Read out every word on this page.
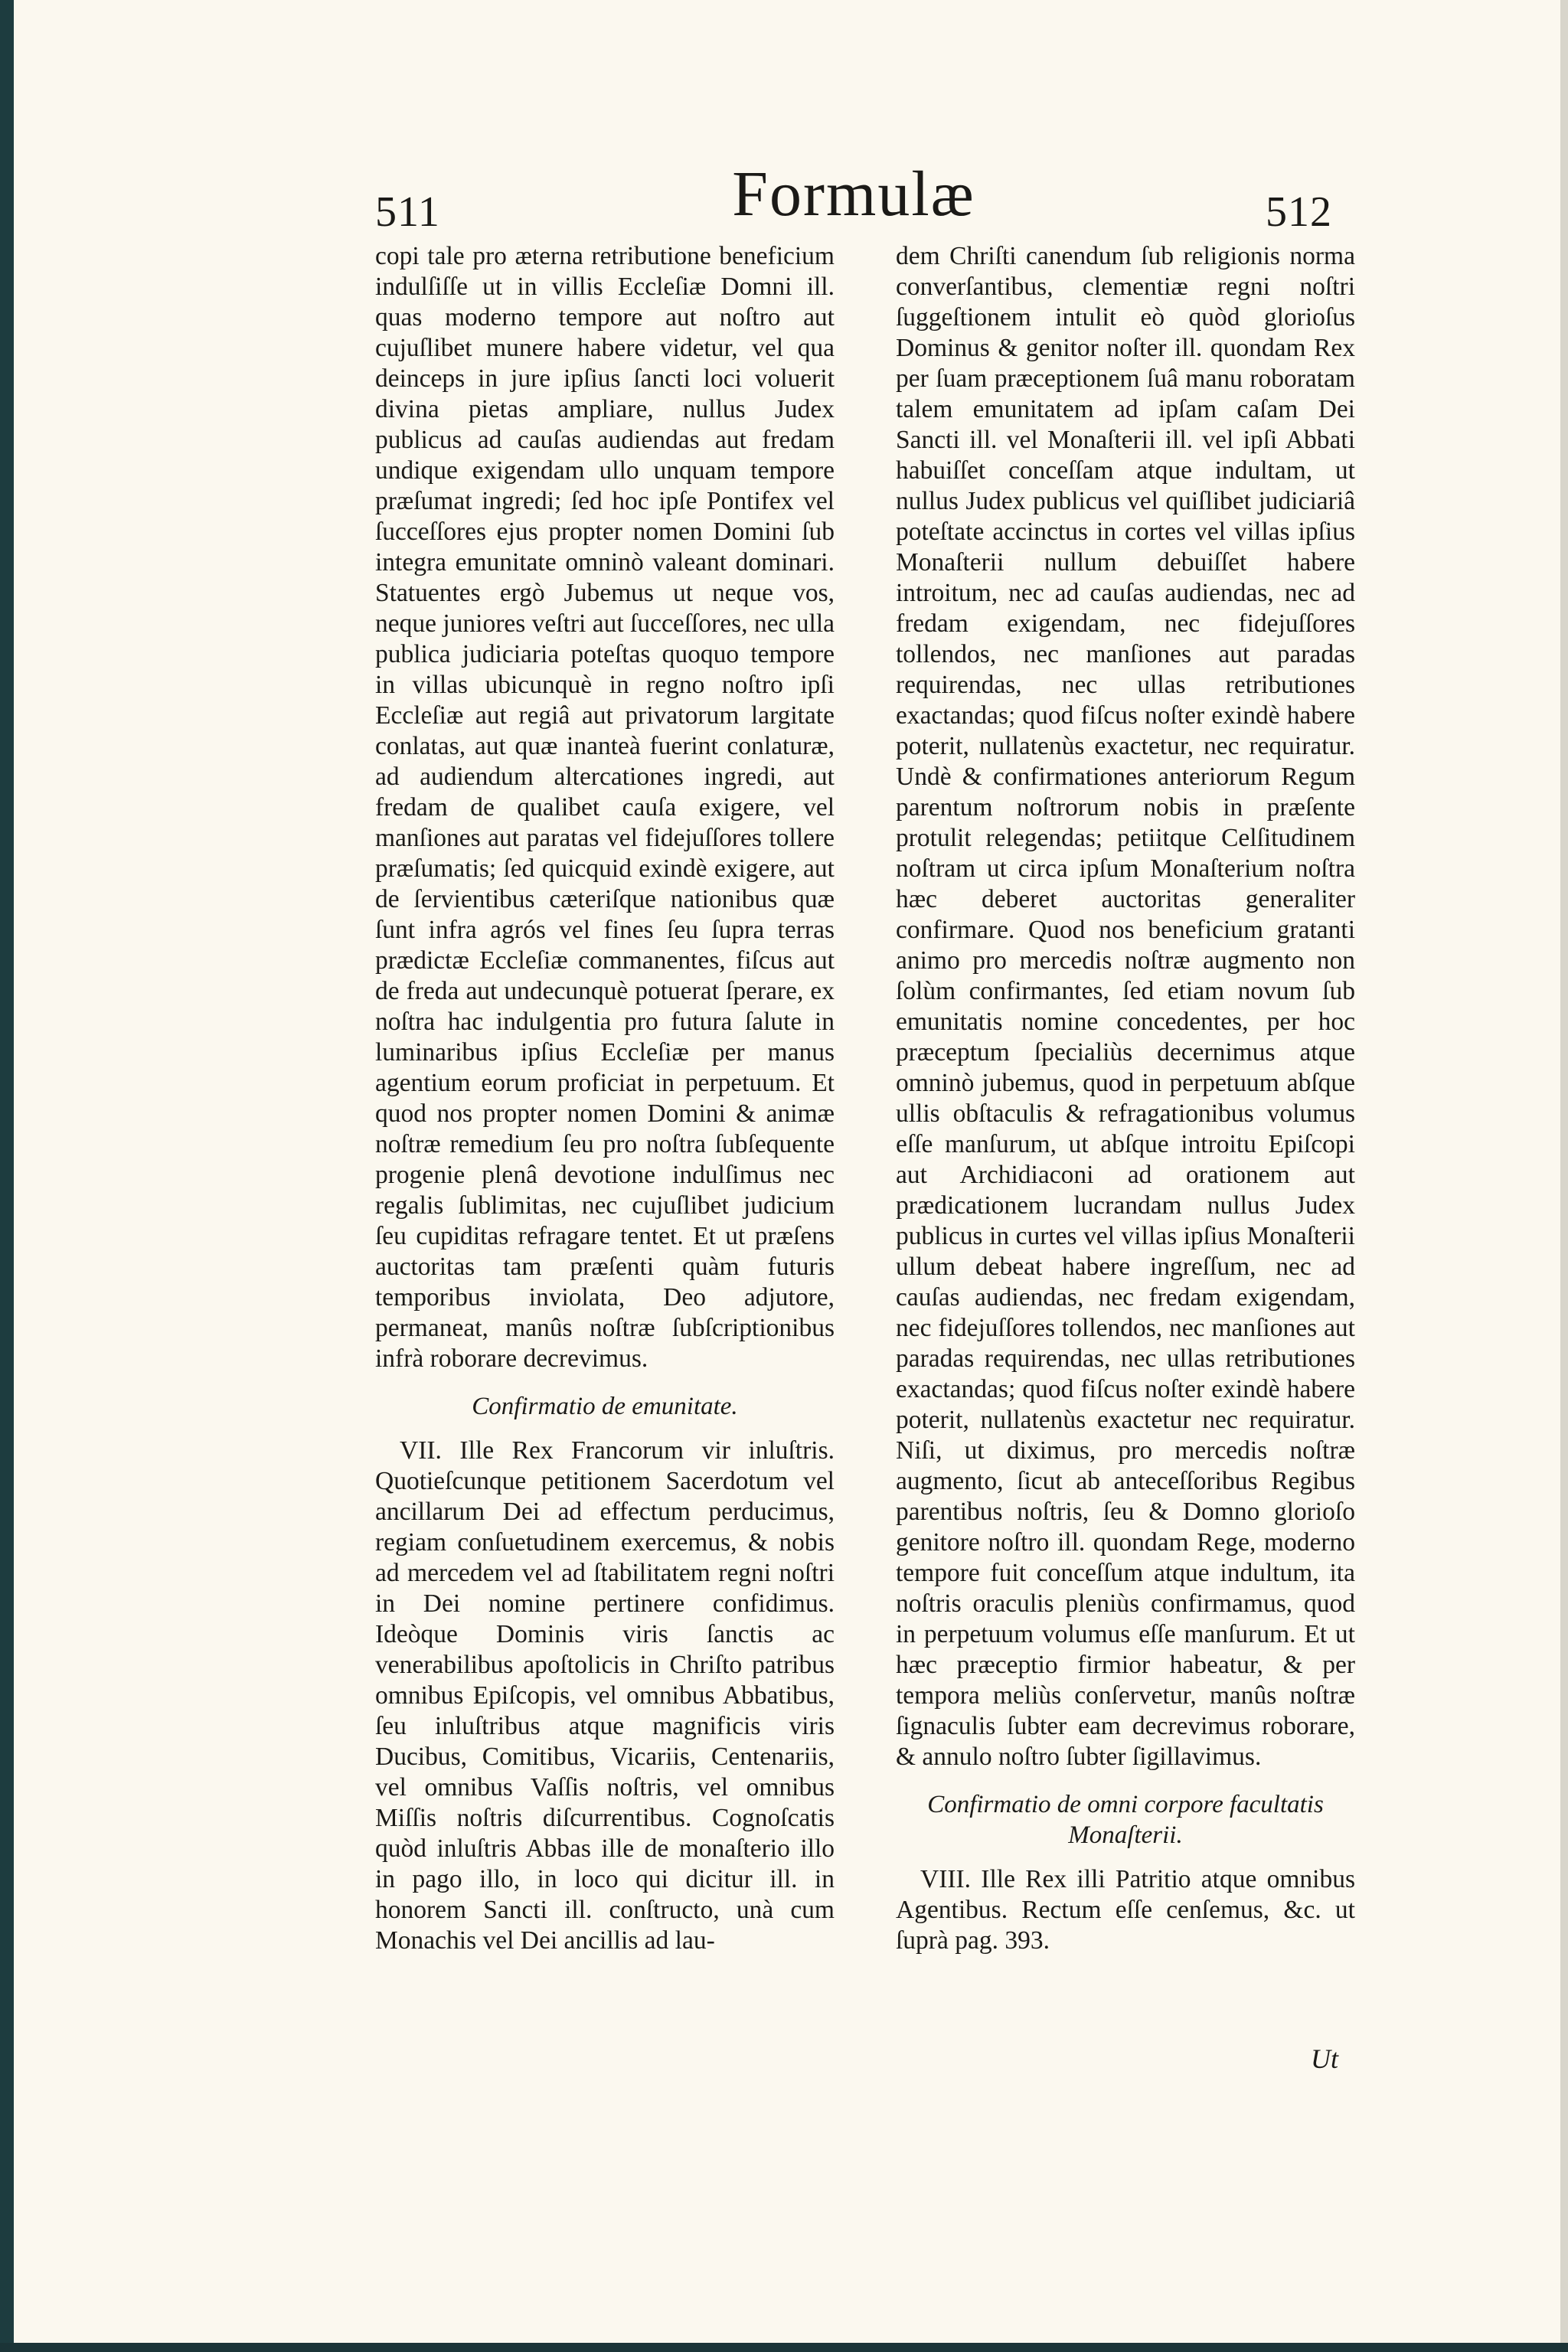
511	Formulæ	512

copi tale pro æterna retributione beneficium indulſiſſe ut in villis Eccleſiæ Domni ill. quas moderno tempore aut noſtro aut cujuſlibet munere habere videtur, vel qua deinceps in jure ipſius ſancti loci voluerit divina pietas ampliare, nullus Judex publicus ad cauſas audiendas aut fredam undique exigendam ullo unquam tempore præſumat ingredi; ſed hoc ipſe Pontifex vel ſucceſſores ejus propter nomen Domini ſub integra emunitate omninò valeant dominari. Statuentes ergò Jubemus ut neque vos, neque juniores veſtri aut ſucceſſores, nec ulla publica judiciaria poteſtas quoquo tempore in villas ubicunquè in regno noſtro ipſi Eccleſiæ aut regiâ aut privatorum largitate conlatas, aut quæ inanteà fuerint conlaturæ, ad audiendum altercationes ingredi, aut fredam de qualibet cauſa exigere, vel manſiones aut paratas vel fidejuſſores tollere præſumatis; ſed quicquid exindè exigere, aut de ſervientibus cæteriſque nationibus quæ ſunt infra agrós vel fines ſeu ſupra terras prædictæ Eccleſiæ commanentes, fiſcus aut de freda aut undecunquè potuerat ſperare, ex noſtra hac indulgentia pro futura ſalute in luminaribus ipſius Eccleſiæ per manus agentium eorum proficiat in perpetuum. Et quod nos propter nomen Domini & animæ noſtræ remedium ſeu pro noſtra ſubſequente progenie plenâ devotione indulſimus nec regalis ſublimitas, nec cujuſlibet judicium ſeu cupiditas refragare tentet. Et ut præſens auctoritas tam præſenti quàm futuris temporibus inviolata, Deo adjutore, permaneat, manûs noſtræ ſubſcriptionibus infrà roborare decrevimus.

Confirmatio de emunitate.

VII. Ille Rex Francorum vir inluſtris. Quotieſcunque petitionem Sacerdotum vel ancillarum Dei ad effectum perducimus, regiam conſuetudinem exercemus, & nobis ad mercedem vel ad ſtabilitatem regni noſtri in Dei nomine pertinere confidimus. Ideòque Dominis viris ſanctis ac venerabilibus apoſtolicis in Chriſto patribus omnibus Epiſcopis, vel omnibus Abbatibus, ſeu inluſtribus atque magnificis viris Ducibus, Comitibus, Vicariis, Centenariis, vel omnibus Vaſſis noſtris, vel omnibus Miſſis noſtris diſcurrentibus. Cognoſcatis quòd inluſtris Abbas ille de monaſterio illo in pago illo, in loco qui dicitur ill. in honorem Sancti ill. conſtructo, unà cum Monachis vel Dei ancillis ad lau-

dem Chriſti canendum ſub religionis norma converſantibus, clementiæ regni noſtri ſuggeſtionem intulit eò quòd glorioſus Dominus & genitor noſter ill. quondam Rex per ſuam præceptionem ſuâ manu roboratam talem emunitatem ad ipſam caſam Dei Sancti ill. vel Monaſterii ill. vel ipſi Abbati habuiſſet conceſſam atque indultam, ut nullus Judex publicus vel quiſlibet judiciariâ poteſtate accinctus in cortes vel villas ipſius Monaſterii nullum debuiſſet habere introitum, nec ad cauſas audiendas, nec ad fredam exigendam, nec fidejuſſores tollendos, nec manſiones aut paradas requirendas, nec ullas retributiones exactandas; quod fiſcus noſter exindè habere poterit, nullatenùs exactetur, nec requiratur. Undè & confirmationes anteriorum Regum parentum noſtrorum nobis in præſente protulit relegendas; petiitque Celſitudinem noſtram ut circa ipſum Monaſterium noſtra hæc deberet auctoritas generaliter confirmare. Quod nos beneficium gratanti animo pro mercedis noſtræ augmento non ſolùm confirmantes, ſed etiam novum ſub emunitatis nomine concedentes, per hoc præceptum ſpecialiùs decernimus atque omninò jubemus, quod in perpetuum abſque ullis obſtaculis & refragationibus volumus eſſe manſurum, ut abſque introitu Epiſcopi aut Archidiaconi ad orationem aut prædicationem lucrandam nullus Judex publicus in curtes vel villas ipſius Monaſterii ullum debeat habere ingreſſum, nec ad cauſas audiendas, nec fredam exigendam, nec fidejuſſores tollendos, nec manſiones aut paradas requirendas, nec ullas retributiones exactandas; quod fiſcus noſter exindè habere poterit, nullatenùs exactetur nec requiratur. Niſi, ut diximus, pro mercedis noſtræ augmento, ſicut ab anteceſſoribus Regibus parentibus noſtris, ſeu & Domno glorioſo genitore noſtro ill. quondam Rege, moderno tempore fuit conceſſum atque indultum, ita noſtris oraculis pleniùs confirmamus, quod in perpetuum volumus eſſe manſurum. Et ut hæc præceptio firmior habeatur, & per tempora meliùs conſervetur, manûs noſtræ ſignaculis ſubter eam decrevimus roborare, & annulo noſtro ſubter ſigillavimus.

Confirmatio de omni corpore facultatis Monaſterii.

VIII. Ille Rex illi Patritio atque omnibus Agentibus. Rectum eſſe cenſemus, &c. ut ſuprà pag. 393.

Ut
